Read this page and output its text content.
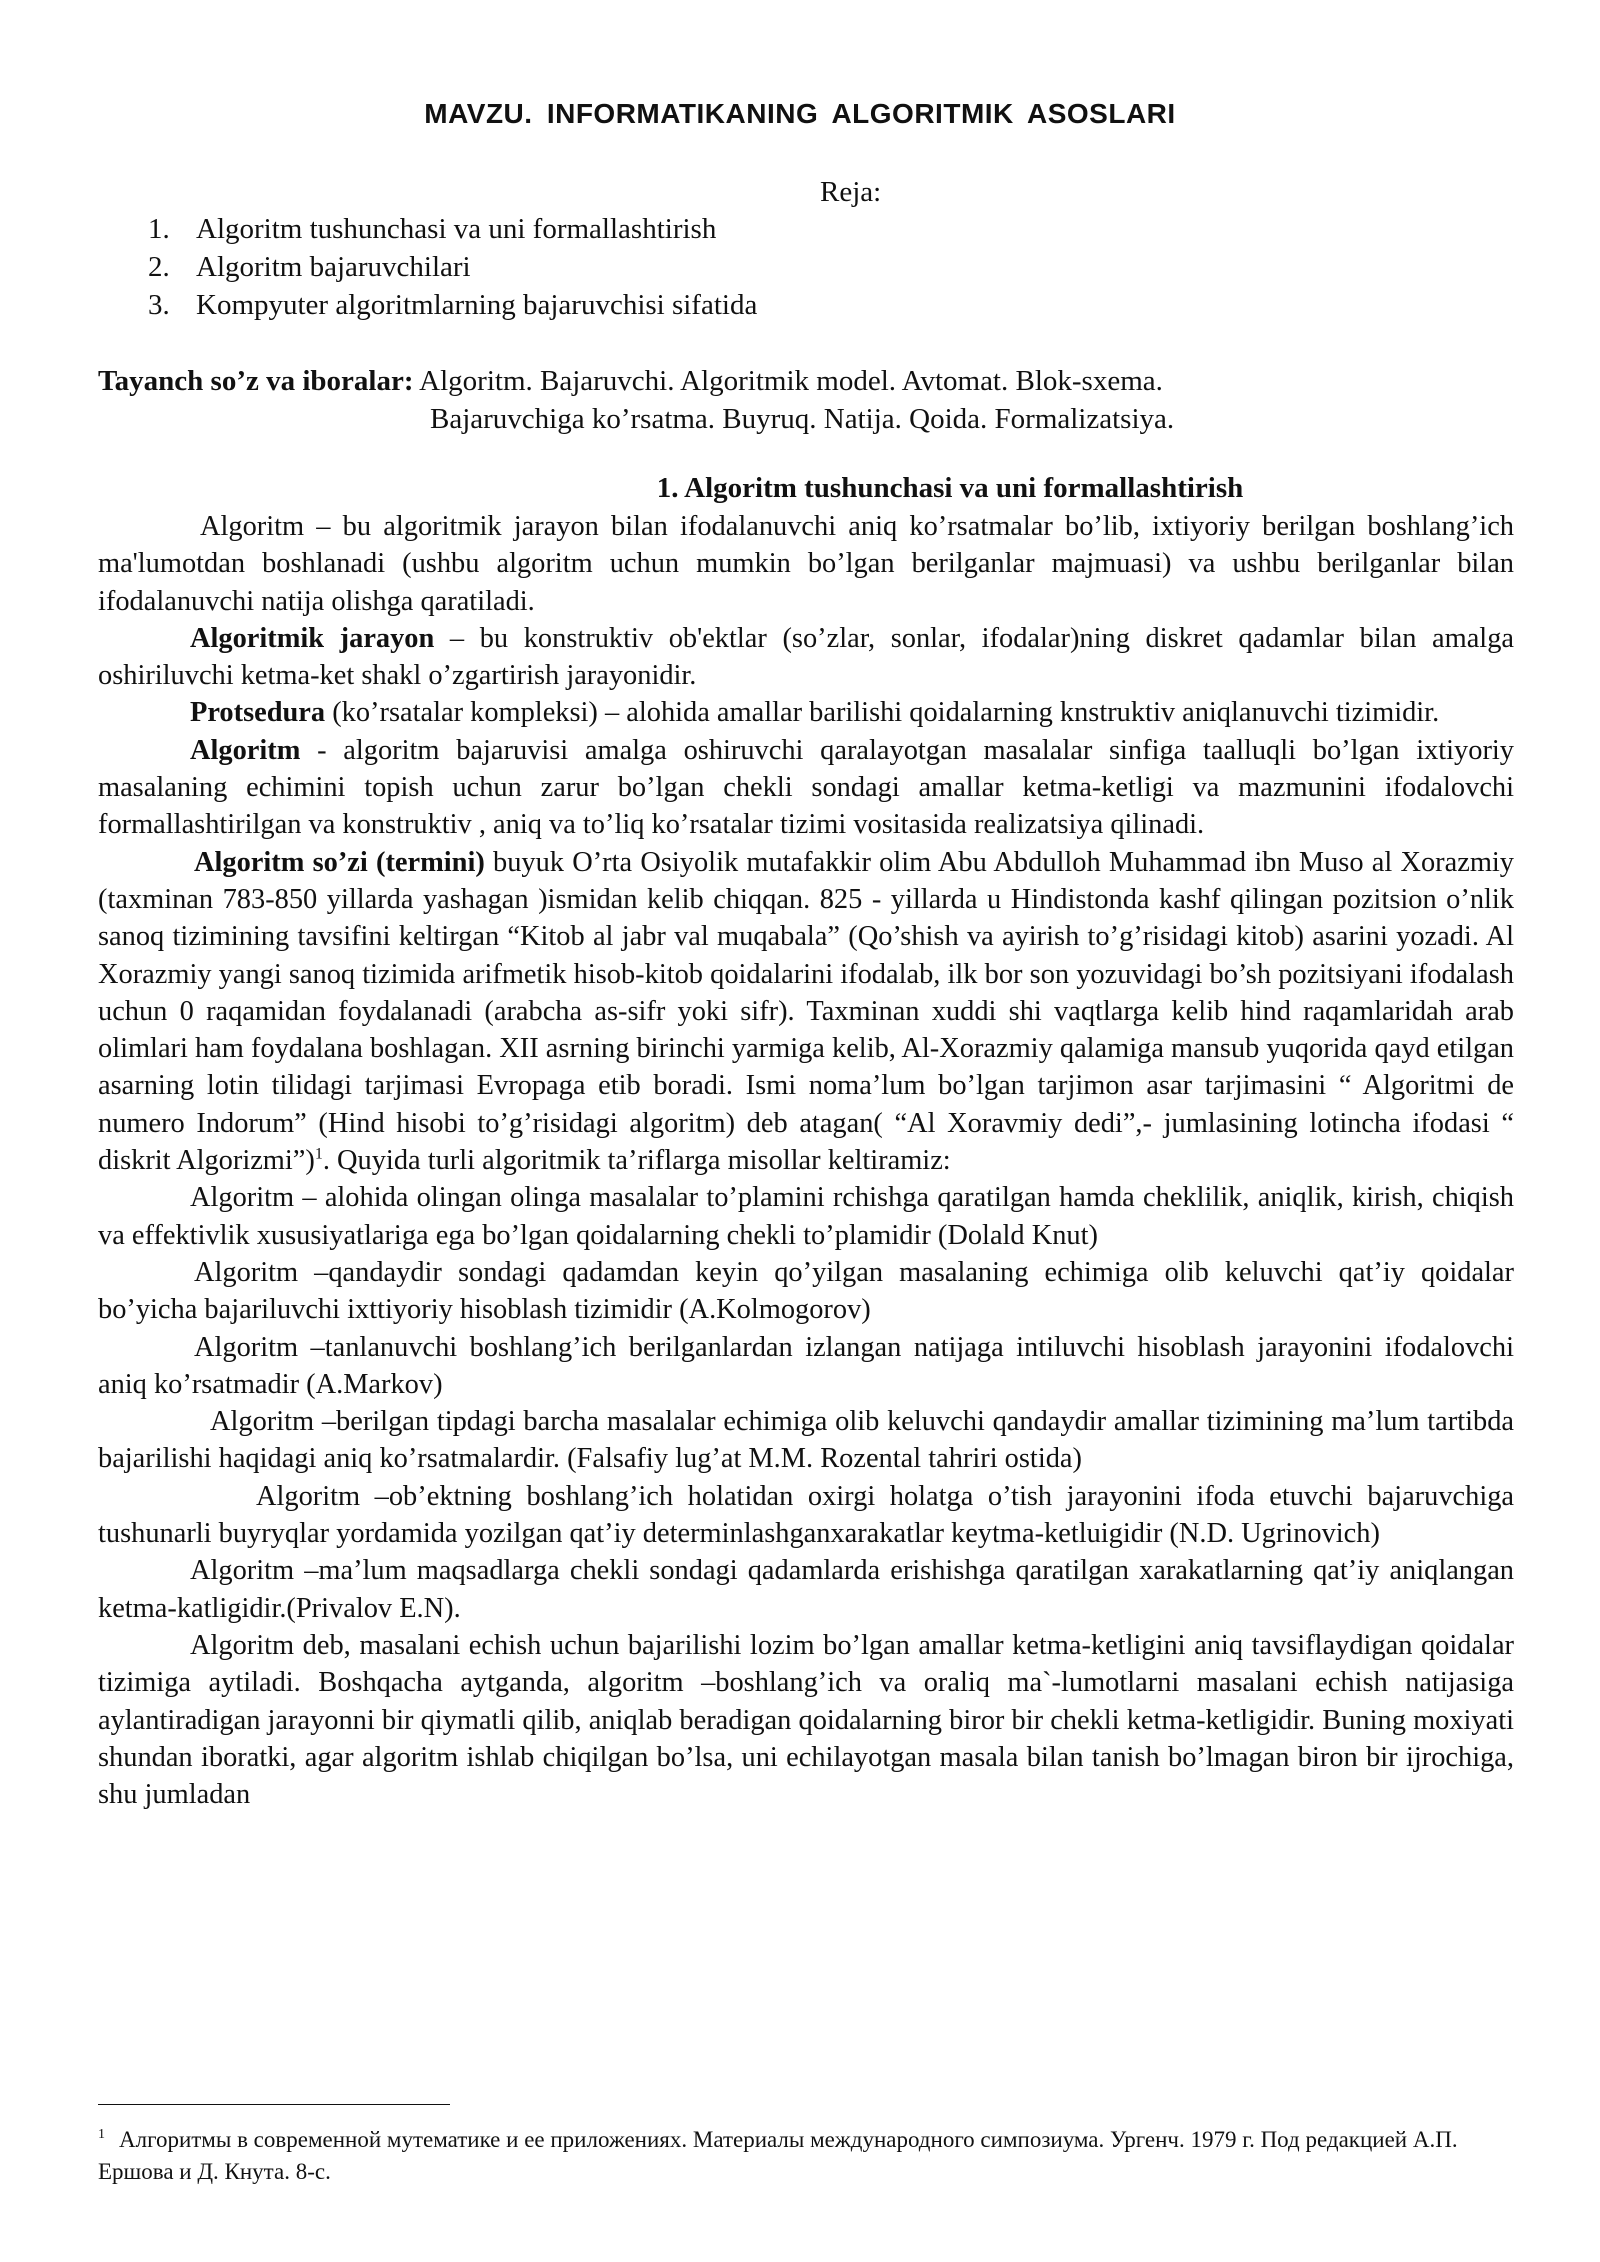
MAVZU. INFORMATIKANING ALGORITMIK ASOSLARI
Reja:
1. Algoritm tushunchasi va uni formallashtirish
2. Algoritm bajaruvchilari
3. Kompyuter algoritmlarning bajaruvchisi sifatida
Tayanch so’z va iboralar: Algoritm. Bajaruvchi. Algoritmik model. Avtomat. Blok-sxema.
Bajaruvchiga ko’rsatma. Buyruq. Natija. Qoida. Formalizatsiya.
1. Algoritm tushunchasi va uni formallashtirish

Algoritm – bu algoritmik jarayon bilan ifodalanuvchi aniq ko’rsatmalar bo’lib, ixtiyoriy berilgan boshlang’ich ma'lumotdan boshlanadi (ushbu algoritm uchun mumkin bo’lgan berilganlar majmuasi) va ushbu berilganlar bilan ifodalanuvchi natija olishga qaratiladi.

Algoritmik jarayon – bu konstruktiv ob'ektlar (so’zlar, sonlar, ifodalar)ning diskret qadamlar bilan amalga oshiriluvchi ketma-ket shakl o’zgartirish jarayonidir.

Protsedura (ko’rsatalar kompleksi) – alohida amallar barilishi qoidalarning knstruktiv aniqlanuvchi tizimidir.

Algoritm - algoritm bajaruvisi amalga oshiruvchi qaralayotgan masalalar sinfiga taalluqli bo’lgan ixtiyoriy masalaning echimini topish uchun zarur bo’lgan chekli sondagi amallar ketma-ketligi va mazmunini ifodalovchi formallashtirilgan va konstruktiv , aniq va to’liq ko’rsatalar tizimi vositasida realizatsiya qilinadi.

Algoritm so’zi (termini) buyuk O’rta Osiyolik mutafakkir olim Abu Abdulloh Muhammad ibn Muso al Xorazmiy (taxminan 783-850 yillarda yashagan )ismidan kelib chiqqan. 825 - yillarda u Hindistonda kashf qilingan pozitsion o’nlik sanoq tizimining tavsifini keltirgan “Kitob al jabr val muqabala” (Qo’shish va ayirish to’g’risidagi kitob) asarini yozadi. Al Xorazmiy yangi sanoq tizimida arifmetik hisob-kitob qoidalarini ifodalab, ilk bor son yozuvidagi bo’sh pozitsiyani ifodalash uchun 0 raqamidan foydalanadi (arabcha as-sifr yoki sifr). Taxminan xuddi shi vaqtlarga kelib hind raqamlaridah arab olimlari ham foydalana boshlagan. XII asrning birinchi yarmiga kelib, Al-Xorazmiy qalamiga mansub yuqorida qayd etilgan asarning lotin tilidagi tarjimasi Evropaga etib boradi. Ismi noma’lum bo’lgan tarjimon asar tarjimasini “ Algoritmi de numero Indorum” (Hind hisobi to’g’risidagi algoritm) deb atagan( “Al Xoravmiy dedi”,- jumlasining lotincha ifodasi “ diskrit Algorizmi”)$^1$. Quyida turli algoritmik ta’riflarga misollar keltiramiz:

Algoritm – alohida olingan olinga masalalar to’plamini rchishga qaratilgan hamda cheklilik, aniqlik, kirish, chiqish va effektivlik xususiyatlariga ega bo’lgan qoidalarning chekli to’plamidir (Dolald Knut)

Algoritm –qandaydir sondagi qadamdan keyin qo’yilgan masalaning echimiga olib keluvchi qat’iy qoidalar bo’yicha bajariluvchi ixttiyoriy hisoblash tizimidir (A.Kolmogorov)

Algoritm –tanlanuvchi boshlang’ich berilganlardan izlangan natijaga intiluvchi hisoblash jarayonini ifodalovchi aniq ko’rsatmadir (A.Markov)

Algoritm –berilgan tipdagi barcha masalalar echimiga olib keluvchi qandaydir amallar tizimining ma’lum tartibda bajarilishi haqidagi aniq ko’rsatmalardir. (Falsafiy lug’at M.M. Rozental tahriri ostida)

Algoritm –ob’ektning boshlang’ich holatidan oxirgi holatga o’tish jarayonini ifoda etuvchi bajaruvchiga tushunarli buyryqlar yordamida yozilgan qat’iy determinlashganxarakatlar keytma-ketluigidir (N.D. Ugrinovich)

Algoritm –ma’lum maqsadlarga chekli sondagi qadamlarda erishishga qaratilgan xarakatlarning qat’iy aniqlangan ketma-katligidir.(Privalov E.N).

Algoritm deb, masalani echish uchun bajarilishi lozim bo’lgan amallar ketma-ketligini aniq tavsiflaydigan qoidalar tizimiga aytiladi. Boshqacha aytganda, algoritm –boshlang’ich va oraliq ma`-lumotlarni masalani echish natijasiga aylantiradigan jarayonni bir qiymatli qilib, aniqlab beradigan qoidalarning biror bir chekli ketma-ketligidir. Buning moxiyati shundan iboratki, agar algoritm ishlab chiqilgan bo’lsa, uni echilayotgan masala bilan tanish bo’lmagan biron bir ijrochiga, shu jumladan

$^1$ Алгоритмы в современной мутематике и ее приложениях. Материалы международного симпозиума. Ургенч. 1979 г. Под редакцией А.П. Ершова и Д. Кнута. 8-с.
